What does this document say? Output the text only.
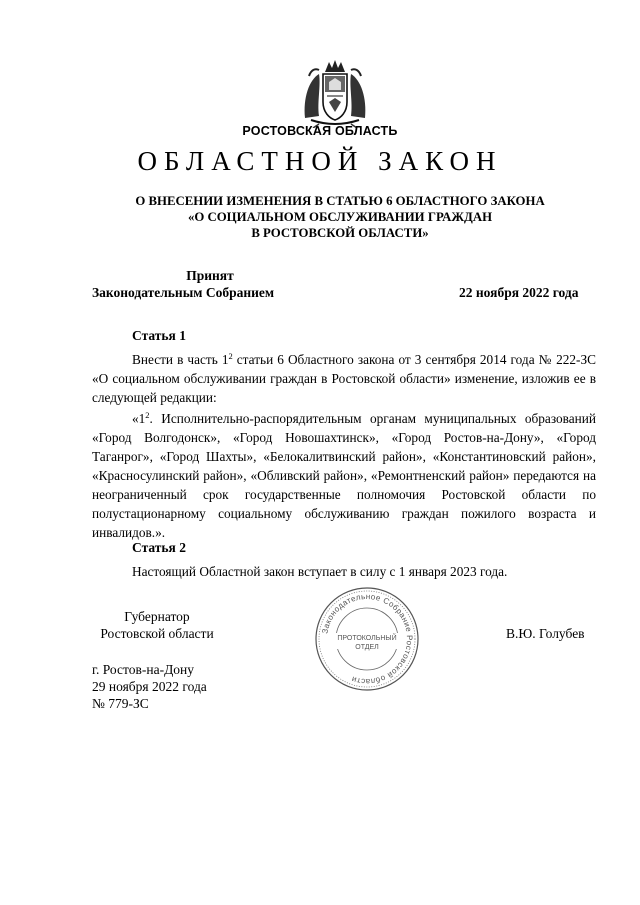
РОСТОВСКАЯ ОБЛАСТЬ
ОБЛАСТНОЙ ЗАКОН
О ВНЕСЕНИИ ИЗМЕНЕНИЯ В СТАТЬЮ 6 ОБЛАСТНОГО ЗАКОНА
«О СОЦИАЛЬНОМ ОБСЛУЖИВАНИИ ГРАЖДАН
В РОСТОВСКОЙ ОБЛАСТИ»
Принят
Законодательным Собранием	22 ноября 2022 года
Статья 1
Внести в часть $1^2$ статьи 6 Областного закона от 3 сентября 2014 года № 222-ЗС «О социальном обслуживании граждан в Ростовской области» изменение, изложив ее в следующей редакции:
«$1^2$. Исполнительно-распорядительным органам муниципальных образований «Город Волгодонск», «Город Новошахтинск», «Город Ростов-на-Дону», «Город Таганрог», «Город Шахты», «Белокалитвинский район», «Константиновский район», «Красносулинский район», «Обливский район», «Ремонтненский район» передаются на неограниченный срок государственные полномочия Ростовской области по полустационарному социальному обслуживанию граждан пожилого возраста и инвалидов.».
Статья 2
Настоящий Областной закон вступает в силу с 1 января 2023 года.
Губернатор
Ростовской области	В.Ю. Голубев
г. Ростов-на-Дону
29 ноября 2022 года
№ 779-ЗС
Законодательное Собрание Ростовской области
ПРОТОКОЛЬНЫЙ
ОТДЕЛ
